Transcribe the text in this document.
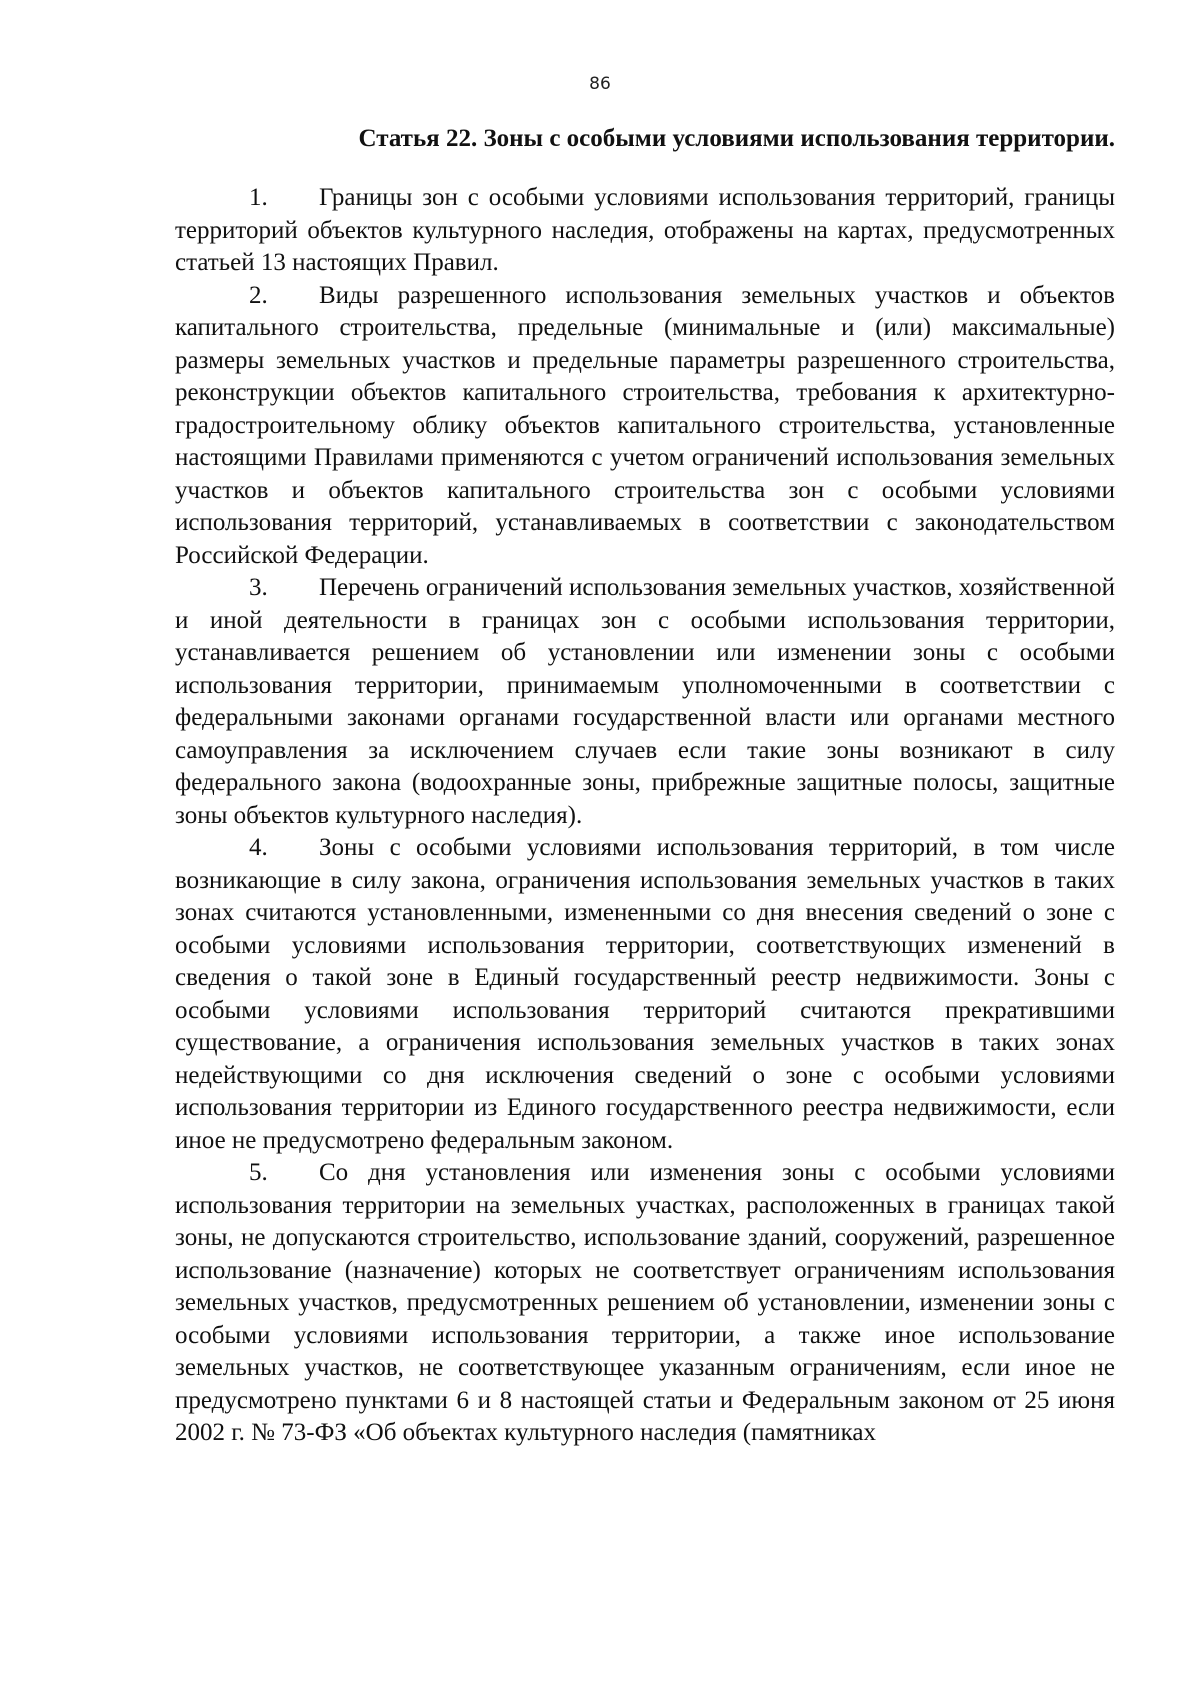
86
Статья 22. Зоны с особыми условиями использования территории.

1. Границы зон с особыми условиями использования территорий, границы территорий объектов культурного наследия, отображены на картах, предусмотренных статьей 13 настоящих Правил.

2. Виды разрешенного использования земельных участков и объектов капитального строительства, предельные (минимальные и (или) максимальные) размеры земельных участков и предельные параметры разрешенного строительства, реконструкции объектов капитального строительства, требования к архитектурно-градостроительному облику объектов капитального строительства, установленные настоящими Правилами применяются с учетом ограничений использования земельных участков и объектов капитального строительства зон с особыми условиями использования территорий, устанавливаемых в соответствии с законодательством Российской Федерации.

3. Перечень ограничений использования земельных участков, хозяйственной и иной деятельности в границах зон с особыми использования территории, устанавливается решением об установлении или изменении зоны с особыми использования территории, принимаемым уполномоченными в соответствии с федеральными законами органами государственной власти или органами местного самоуправления за исключением случаев если такие зоны возникают в силу федерального закона (водоохранные зоны, прибрежные защитные полосы, защитные зоны объектов культурного наследия).

4. Зоны с особыми условиями использования территорий, в том числе возникающие в силу закона, ограничения использования земельных участков в таких зонах считаются установленными, измененными со дня внесения сведений о зоне с особыми условиями использования территории, соответствующих изменений в сведения о такой зоне в Единый государственный реестр недвижимости. Зоны с особыми условиями использования территорий считаются прекратившими существование, а ограничения использования земельных участков в таких зонах недействующими со дня исключения сведений о зоне с особыми условиями использования территории из Единого государственного реестра недвижимости, если иное не предусмотрено федеральным законом.

5. Со дня установления или изменения зоны с особыми условиями использования территории на земельных участках, расположенных в границах такой зоны, не допускаются строительство, использование зданий, сооружений, разрешенное использование (назначение) которых не соответствует ограничениям использования земельных участков, предусмотренных решением об установлении, изменении зоны с особыми условиями использования территории, а также иное использование земельных участков, не соответствующее указанным ограничениям, если иное не предусмотрено пунктами 6 и 8 настоящей статьи и Федеральным законом от 25 июня 2002 г. № 73-ФЗ «Об объектах культурного наследия (памятниках
